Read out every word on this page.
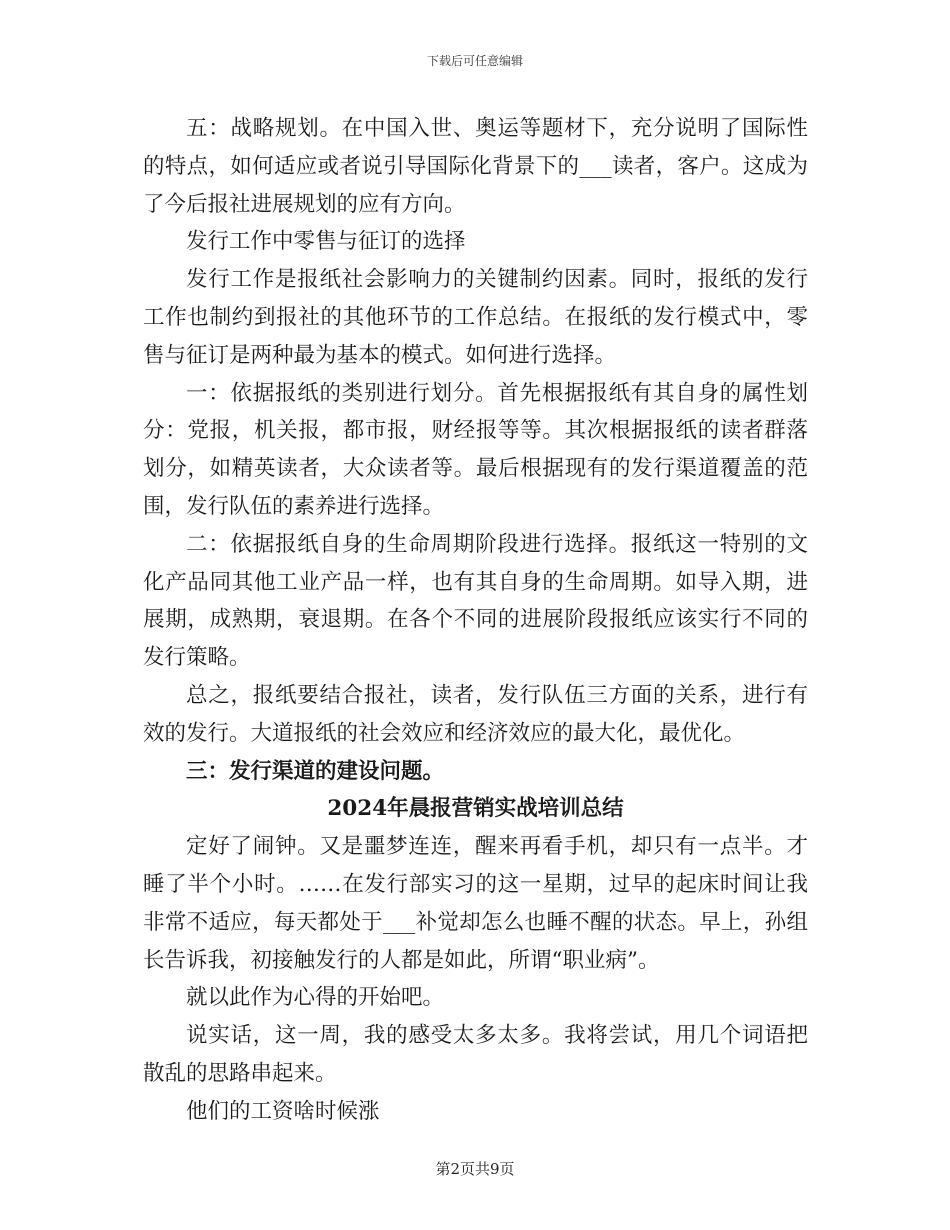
下载后可任意编辑

五：战略规划。在中国入世、奥运等题材下，充分说明了国际性的特点，如何适应或者说引导国际化背景下的___读者，客户。这成为了今后报社进展规划的应有方向。

发行工作中零售与征订的选择

发行工作是报纸社会影响力的关键制约因素。同时，报纸的发行工作也制约到报社的其他环节的工作总结。在报纸的发行模式中，零售与征订是两种最为基本的模式。如何进行选择。

一：依据报纸的类别进行划分。首先根据报纸有其自身的属性划分：党报，机关报，都市报，财经报等等。其次根据报纸的读者群落划分，如精英读者，大众读者等。最后根据现有的发行渠道覆盖的范围，发行队伍的素养进行选择。

二：依据报纸自身的生命周期阶段进行选择。报纸这一特别的文化产品同其他工业产品一样，也有其自身的生命周期。如导入期，进展期，成熟期，衰退期。在各个不同的进展阶段报纸应该实行不同的发行策略。

总之，报纸要结合报社，读者，发行队伍三方面的关系，进行有效的发行。大道报纸的社会效应和经济效应的最大化，最优化。

三：发行渠道的建设问题。

2024年晨报营销实战培训总结

定好了闹钟。又是噩梦连连，醒来再看手机，却只有一点半。才睡了半个小时。……在发行部实习的这一星期，过早的起床时间让我非常不适应，每天都处于___补觉却怎么也睡不醒的状态。早上，孙组长告诉我，初接触发行的人都是如此，所谓“职业病”。

就以此作为心得的开始吧。

说实话，这一周，我的感受太多太多。我将尝试，用几个词语把散乱的思路串起来。

他们的工资啥时候涨

第2页共9页
